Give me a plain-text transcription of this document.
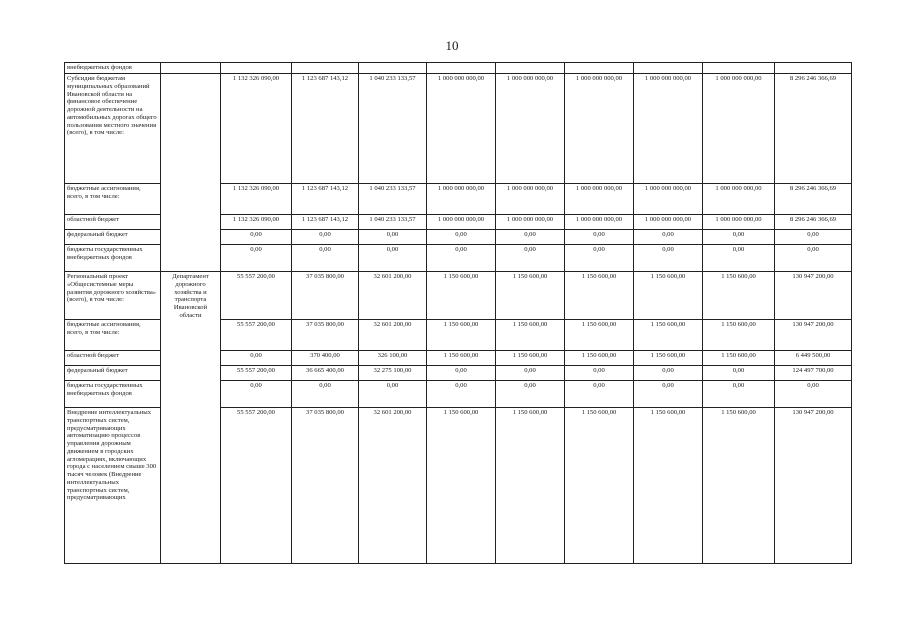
10
внебюджетных фондов										
Субсидии бюджетам муниципальных образований Ивановской области на финансовое обеспечение дорожной деятельности на автомобильных дорогах общего пользования местного значения (всего), в том числе:		1 132 326 090,00	1 123 687 143,12	1 040 233 133,57	1 000 000 000,00	1 000 000 000,00	1 000 000 000,00	1 000 000 000,00	1 000 000 000,00	8 296 246 366,69
бюджетные ассигнования, всего, в том числе:		1 132 326 090,00	1 123 687 143,12	1 040 233 133,57	1 000 000 000,00	1 000 000 000,00	1 000 000 000,00	1 000 000 000,00	1 000 000 000,00	8 296 246 366,69
областной бюджет		1 132 326 090,00	1 123 687 143,12	1 040 233 133,57	1 000 000 000,00	1 000 000 000,00	1 000 000 000,00	1 000 000 000,00	1 000 000 000,00	8 296 246 366,69
федеральный бюджет		0,00	0,00	0,00	0,00	0,00	0,00	0,00	0,00	0,00
бюджеты государственных внебюджетных фондов		0,00	0,00	0,00	0,00	0,00	0,00	0,00	0,00	0,00
Региональный проект «Общесистемные меры развития дорожного хозяйства» (всего), в том числе:	Департамент дорожного хозяйства и транспорта Ивановской области	55 557 200,00	37 035 800,00	32 601 200,00	1 150 600,00	1 150 600,00	1 150 600,00	1 150 600,00	1 150 600,00	130 947 200,00
бюджетные ассигнования, всего, в том числе:		55 557 200,00	37 035 800,00	32 601 200,00	1 150 600,00	1 150 600,00	1 150 600,00	1 150 600,00	1 150 600,00	130 947 200,00
областной бюджет		0,00	370 400,00	326 100,00	1 150 600,00	1 150 600,00	1 150 600,00	1 150 600,00	1 150 600,00	6 449 500,00
федеральный бюджет		55 557 200,00	36 665 400,00	32 275 100,00	0,00	0,00	0,00	0,00	0,00	124 497 700,00
бюджеты государственных внебюджетных фондов		0,00	0,00	0,00	0,00	0,00	0,00	0,00	0,00	0,00
Внедрение интеллектуальных транспортных систем, предусматривающих автоматизацию процессов управления дорожным движением в городских агломерациях, включающих города с населением свыше 300 тысяч человек (Внедрение интеллектуальных транспортных систем, предусматривающих		55 557 200,00	37 035 800,00	32 601 200,00	1 150 600,00	1 150 600,00	1 150 600,00	1 150 600,00	1 150 600,00	130 947 200,00
